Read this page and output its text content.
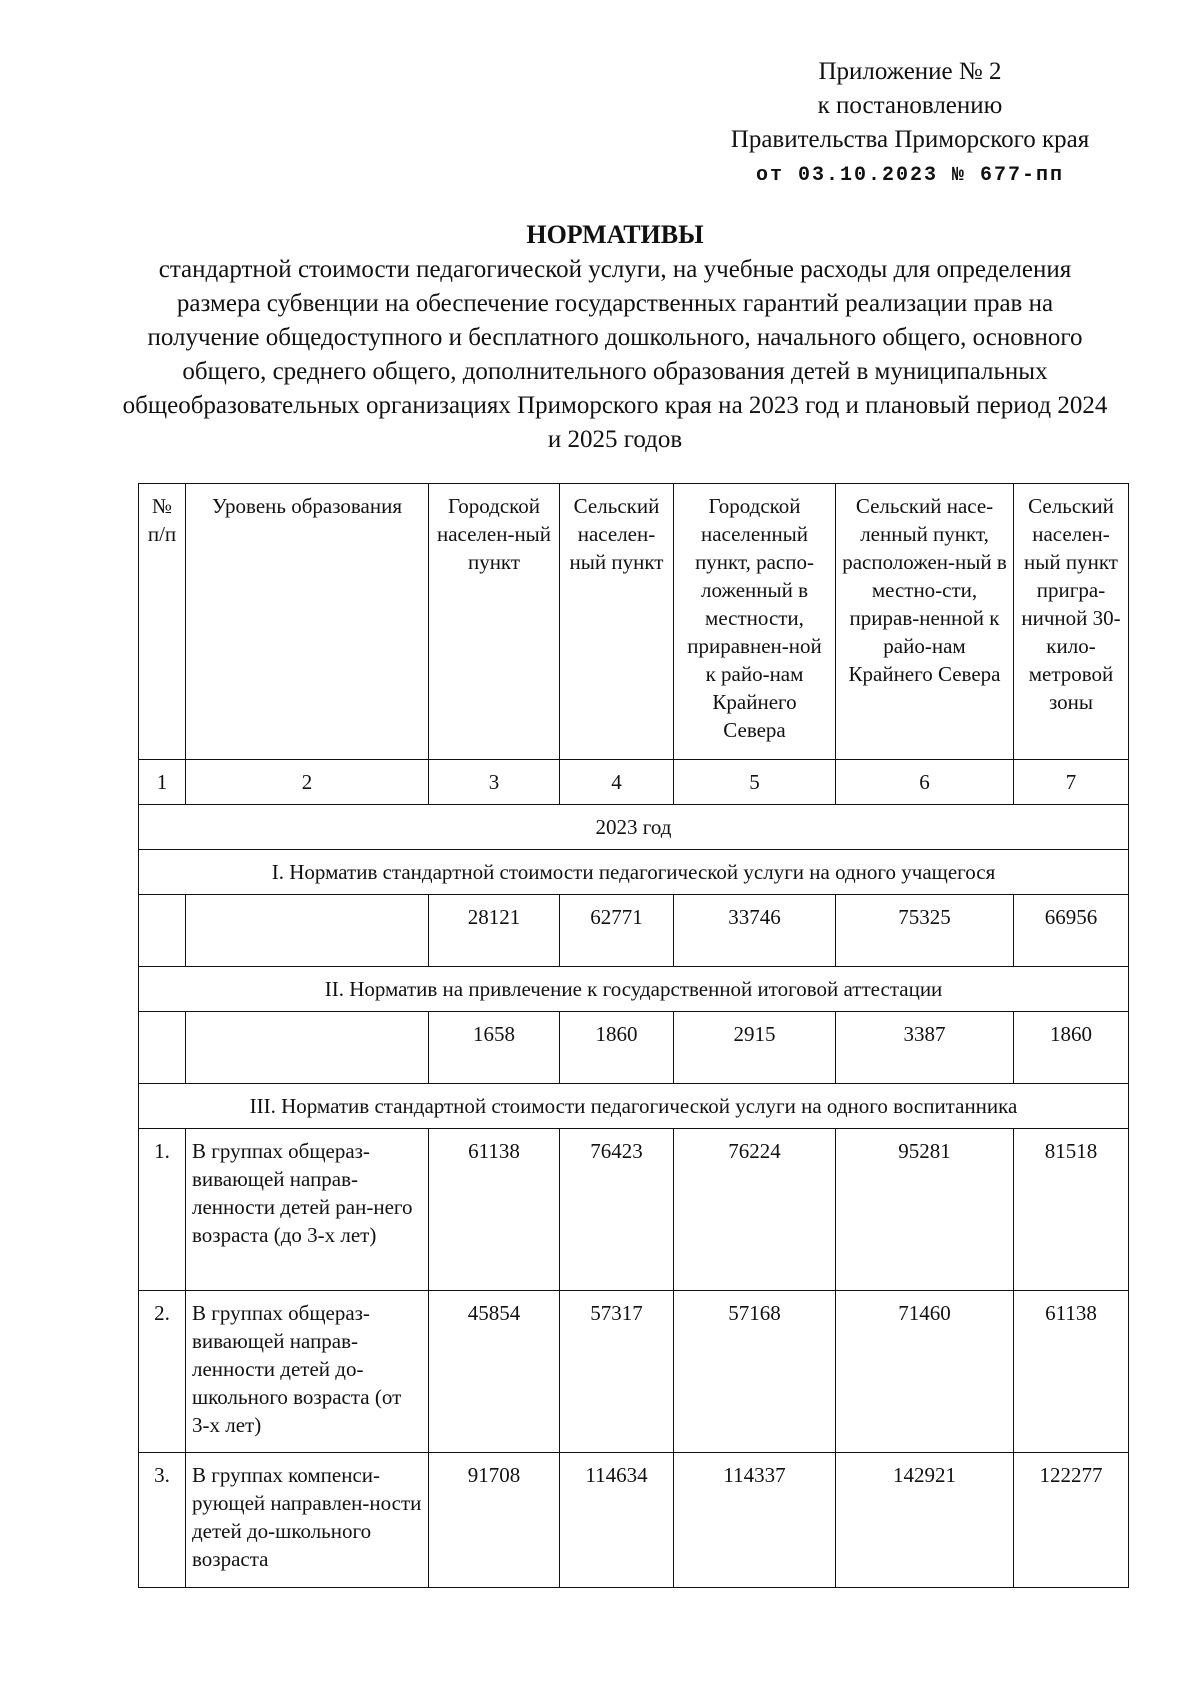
Приложение № 2
к постановлению
Правительства Приморского края
от 03.10.2023 № 677-пп
НОРМАТИВЫ
стандартной стоимости педагогической услуги, на учебные расходы для определения размера субвенции на обеспечение государственных гарантий реализации прав на получение общедоступного и бесплатного дошкольного, начального общего, основного общего, среднего общего, дополнительного образования детей в муниципальных общеобразовательных организациях Приморского края на 2023 год и плановый период 2024 и 2025 годов
№ п/п	Уровень образования	Городской населен-ный пункт	Сельский населен-ный пункт	Городской населенный пункт, распо-ложенный в местности, приравнен-ной к райо-нам Крайнего Севера	Сельский насе-ленный пункт, расположен-ный в местно-сти, прирав-ненной к райо-нам Крайнего Севера	Сельский населен-ный пункт пригра-ничной 30-кило-метровой зоны
1	2	3	4	5	6	7
2023 год						
I. Норматив стандартной стоимости педагогической услуги на одного учащегося						
		28121	62771	33746	75325	66956
II. Норматив на привлечение к государственной итоговой аттестации						
		1658	1860	2915	3387	1860
III. Норматив стандартной стоимости педагогической услуги на одного воспитанника						
1.	В группах общераз-вивающей направ-ленности детей ран-него возраста (до 3-х лет)	61138	76423	76224	95281	81518
2.	В группах общераз-вивающей направ-ленности детей до-школьного возраста (от 3-х лет)	45854	57317	57168	71460	61138
3.	В группах компенси-рующей направлен-ности детей до-школьного возраста	91708	114634	114337	142921	122277
